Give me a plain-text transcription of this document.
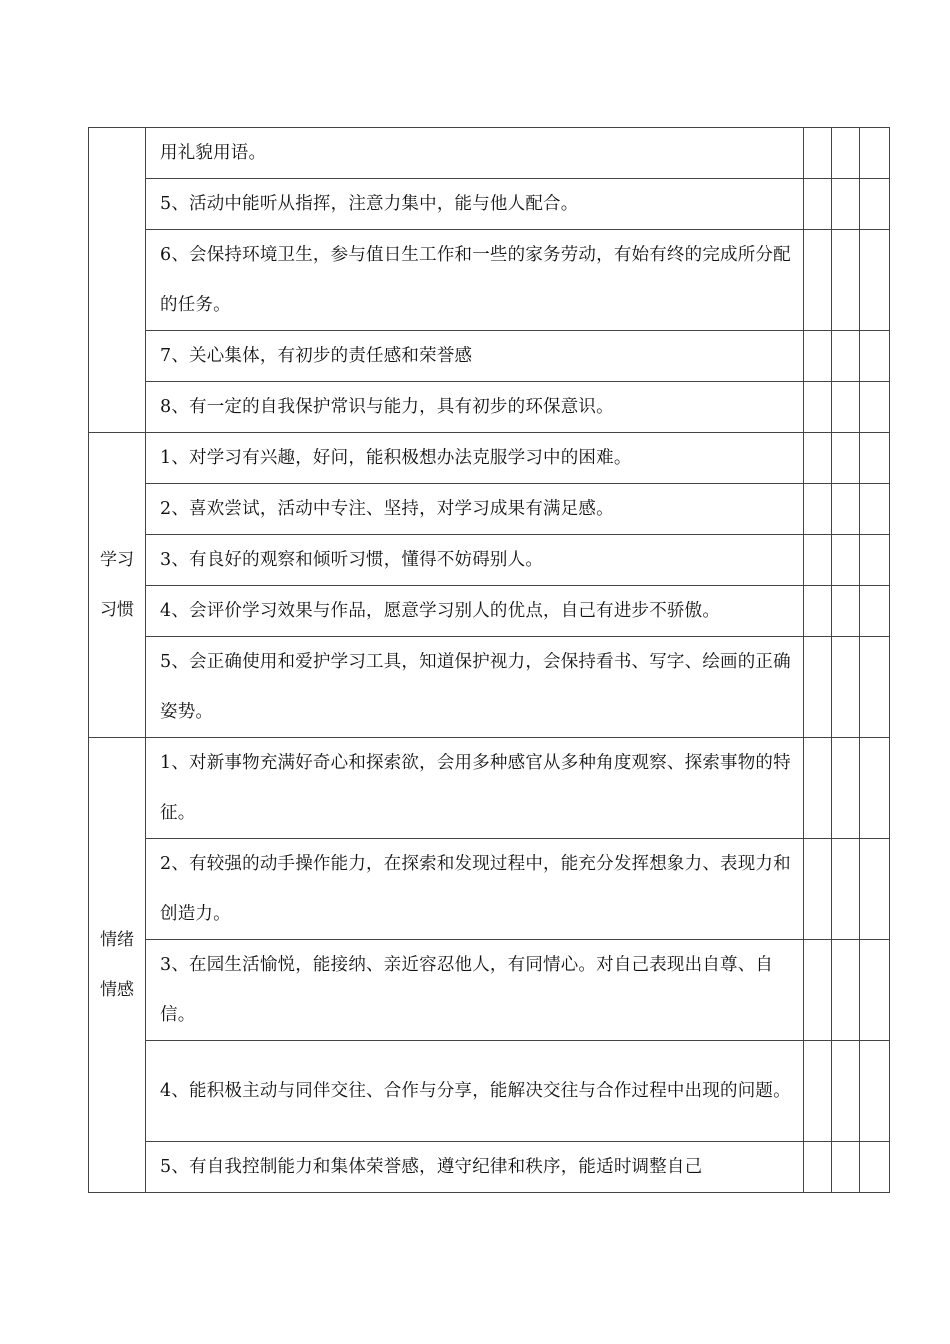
	用礼貌用语。			
	5、活动中能听从指挥，注意力集中，能与他人配合。			
	6、会保持环境卫生，参与值日生工作和一些的家务劳动，有始有终的完成所分配的任务。			
	7、关心集体，有初步的责任感和荣誉感			
	8、有一定的自我保护常识与能力，具有初步的环保意识。			
学习习惯	1、对学习有兴趣，好问，能积极想办法克服学习中的困难。			
	2、喜欢尝试，活动中专注、坚持，对学习成果有满足感。			
	3、有良好的观察和倾听习惯，懂得不妨碍别人。			
	4、会评价学习效果与作品，愿意学习别人的优点，自己有进步不骄傲。			
	5、会正确使用和爱护学习工具，知道保护视力，会保持看书、写字、绘画的正确姿势。			
情绪情感	1、对新事物充满好奇心和探索欲，会用多种感官从多种角度观察、探索事物的特征。			
	2、有较强的动手操作能力，在探索和发现过程中，能充分发挥想象力、表现力和创造力。			
	3、在园生活愉悦，能接纳、亲近容忍他人，有同情心。对自己表现出自尊、自信。			
	4、能积极主动与同伴交往、合作与分享，能解决交往与合作过程中出现的问题。			
	5、有自我控制能力和集体荣誉感，遵守纪律和秩序，能适时调整自己			
